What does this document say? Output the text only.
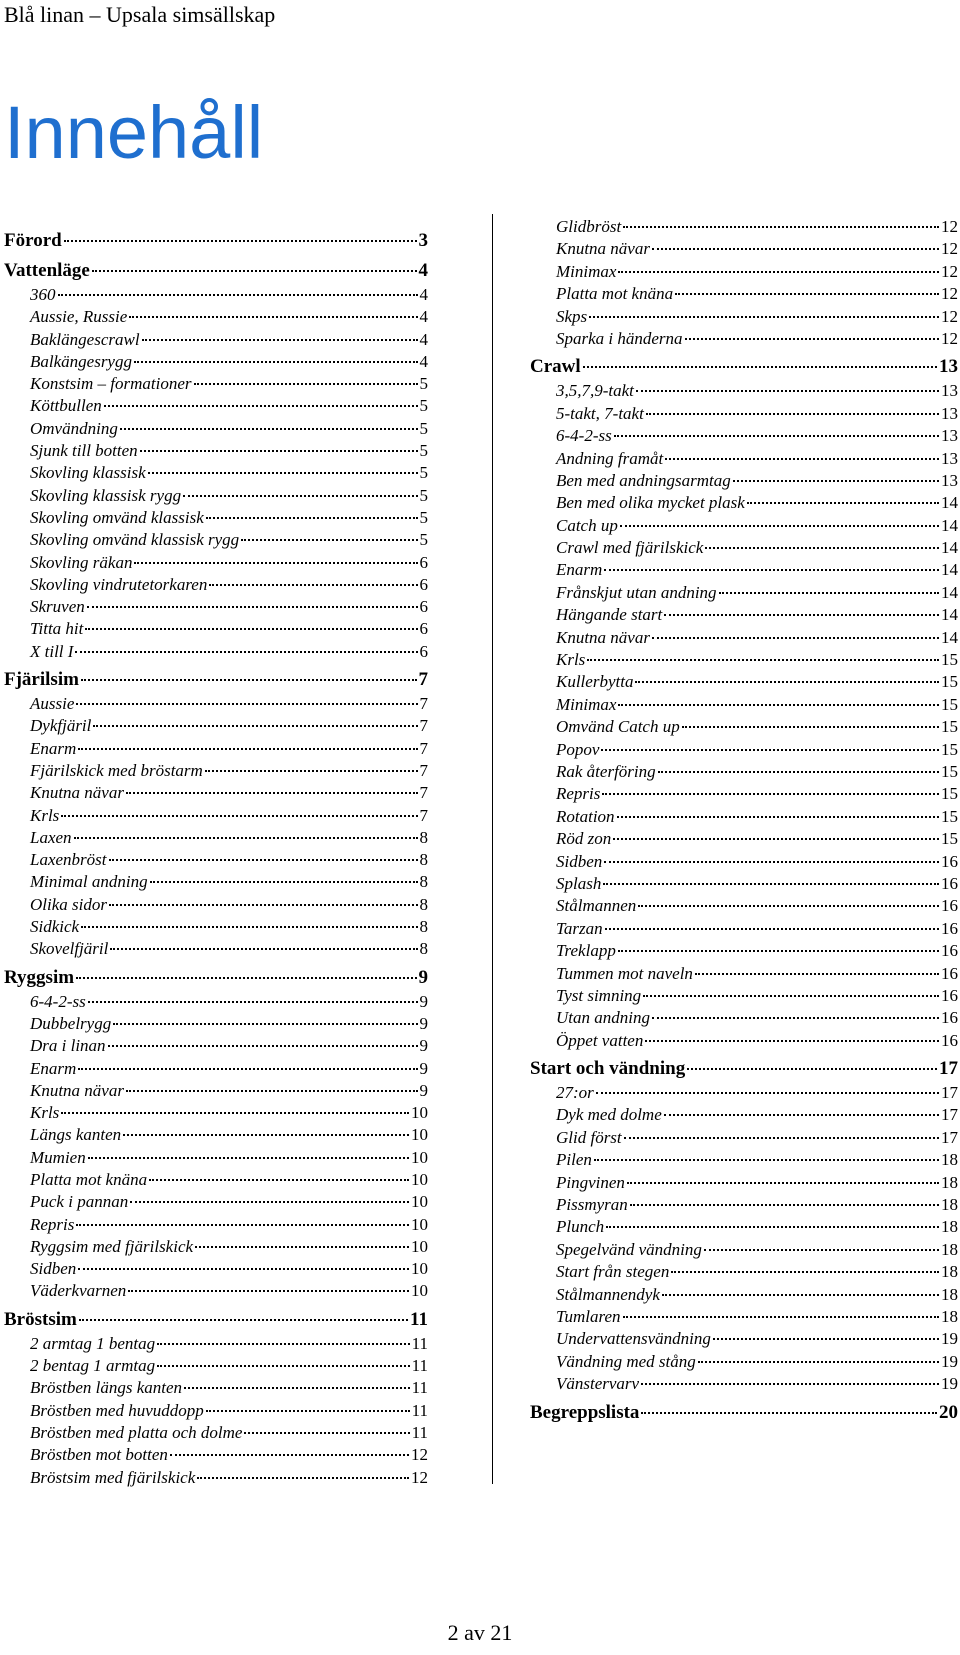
Blå linan – Upsala simsällskap
Innehåll
Förord	3
Vattenläge	4
360	4
Aussie, Russie	4
Baklängescrawl	4
Balkängesrygg	4
Konstsim – formationer	5
Köttbullen	5
Omvändning	5
Sjunk till botten	5
Skovling klassisk	5
Skovling klassisk rygg	5
Skovling omvänd klassisk	5
Skovling omvänd klassisk rygg	5
Skovling räkan	6
Skovling vindrutetorkaren	6
Skruven	6
Titta hit	6
X till I	6
Fjärilsim	7
Aussie	7
Dykfjäril	7
Enarm	7
Fjärilskick med bröstarm	7
Knutna nävar	7
Krls	7
Laxen	8
Laxenbröst	8
Minimal andning	8
Olika sidor	8
Sidkick	8
Skovelfjäril	8
Ryggsim	9
6-4-2-ss	9
Dubbelrygg	9
Dra i linan	9
Enarm	9
Knutna nävar	9
Krls	10
Längs kanten	10
Mumien	10
Platta mot knäna	10
Puck i pannan	10
Repris	10
Ryggsim med fjärilskick	10
Sidben	10
Väderkvarnen	10
Bröstsim	11
2 armtag 1 bentag	11
2 bentag 1 armtag	11
Bröstben längs kanten	11
Bröstben med huvuddopp	11
Bröstben med platta och dolme	11
Bröstben mot botten	12
Bröstsim med fjärilskick	12
Glidbröst	12
Knutna nävar	12
Minimax	12
Platta mot knäna	12
Skps	12
Sparka i händerna	12
Crawl	13
3,5,7,9-takt	13
5-takt, 7-takt	13
6-4-2-ss	13
Andning framåt	13
Ben med andningsarmtag	13
Ben med olika mycket plask	14
Catch up	14
Crawl med fjärilskick	14
Enarm	14
Frånskjut utan andning	14
Hängande start	14
Knutna nävar	14
Krls	15
Kullerbytta	15
Minimax	15
Omvänd Catch up	15
Popov	15
Rak återföring	15
Repris	15
Rotation	15
Röd zon	15
Sidben	16
Splash	16
Stålmannen	16
Tarzan	16
Treklapp	16
Tummen mot naveln	16
Tyst simning	16
Utan andning	16
Öppet vatten	16
Start och vändning	17
27:or	17
Dyk med dolme	17
Glid först	17
Pilen	18
Pingvinen	18
Pissmyran	18
Plunch	18
Spegelvänd vändning	18
Start från stegen	18
Stålmannendyk	18
Tumlaren	18
Undervattensvändning	19
Vändning med stång	19
Vänstervarv	19
Begreppslista	20
2 av 21
